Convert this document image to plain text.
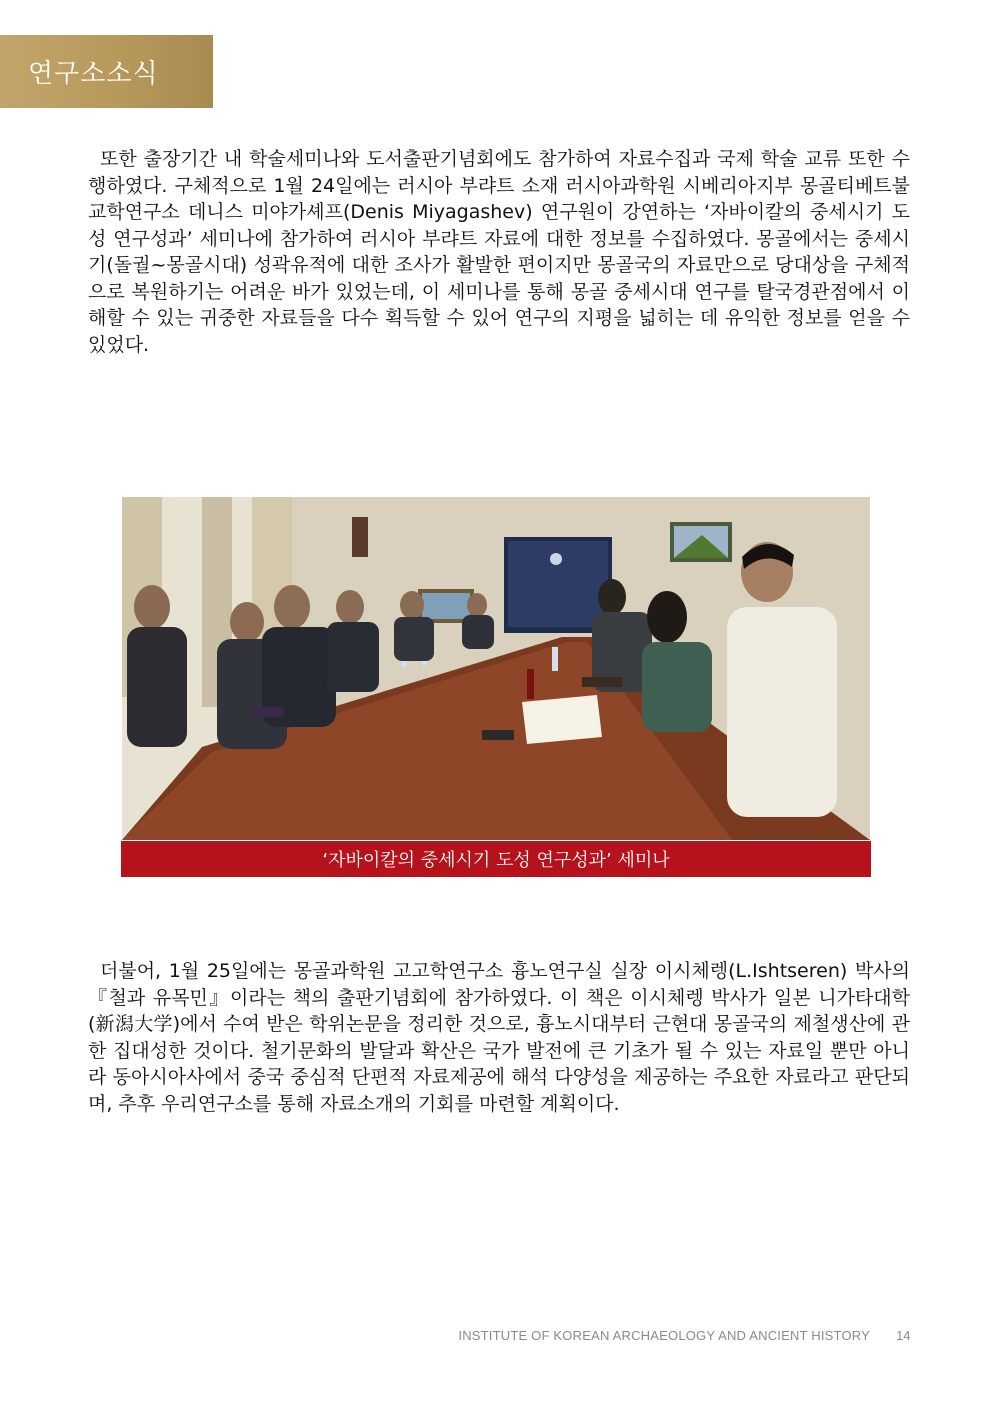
연구소소식

또한 출장기간 내 학술세미나와 도서출판기념회에도 참가하여 자료수집과 국제 학술 교류 또한 수행하였다. 구체적으로 1월 24일에는 러시아 부랴트 소재 러시아과학원 시베리아지부 몽골티베트불교학연구소 데니스 미야가셰프(Denis Miyagashev) 연구원이 강연하는 ‘자바이칼의 중세시기 도성 연구성과’ 세미나에 참가하여 러시아 부랴트 자료에 대한 정보를 수집하였다. 몽골에서는 중세시기(돌궐~몽골시대) 성곽유적에 대한 조사가 활발한 편이지만 몽골국의 자료만으로 당대상을 구체적으로 복원하기는 어려운 바가 있었는데, 이 세미나를 통해 몽골 중세시대 연구를 탈국경관점에서 이해할 수 있는 귀중한 자료들을 다수 획득할 수 있어 연구의 지평을 넓히는 데 유익한 정보를 얻을 수 있었다.

‘자바이칼의 중세시기 도성 연구성과’ 세미나

더불어, 1월 25일에는 몽골과학원 고고학연구소 흉노연구실 실장 이시체렝(L.Ishtseren) 박사의 『철과 유목민』이라는 책의 출판기념회에 참가하였다. 이 책은 이시체렝 박사가 일본 니가타대학(新潟大学)에서 수여 받은 학위논문을 정리한 것으로, 흉노시대부터 근현대 몽골국의 제철생산에 관한 집대성한 것이다. 철기문화의 발달과 확산은 국가 발전에 큰 기초가 될 수 있는 자료일 뿐만 아니라 동아시아사에서 중국 중심적 단편적 자료제공에 해석 다양성을 제공하는 주요한 자료라고 판단되며, 추후 우리연구소를 통해 자료소개의 기회를 마련할 계획이다.

INSTITUTE OF KOREAN ARCHAEOLOGY AND ANCIENT HISTORY 14
